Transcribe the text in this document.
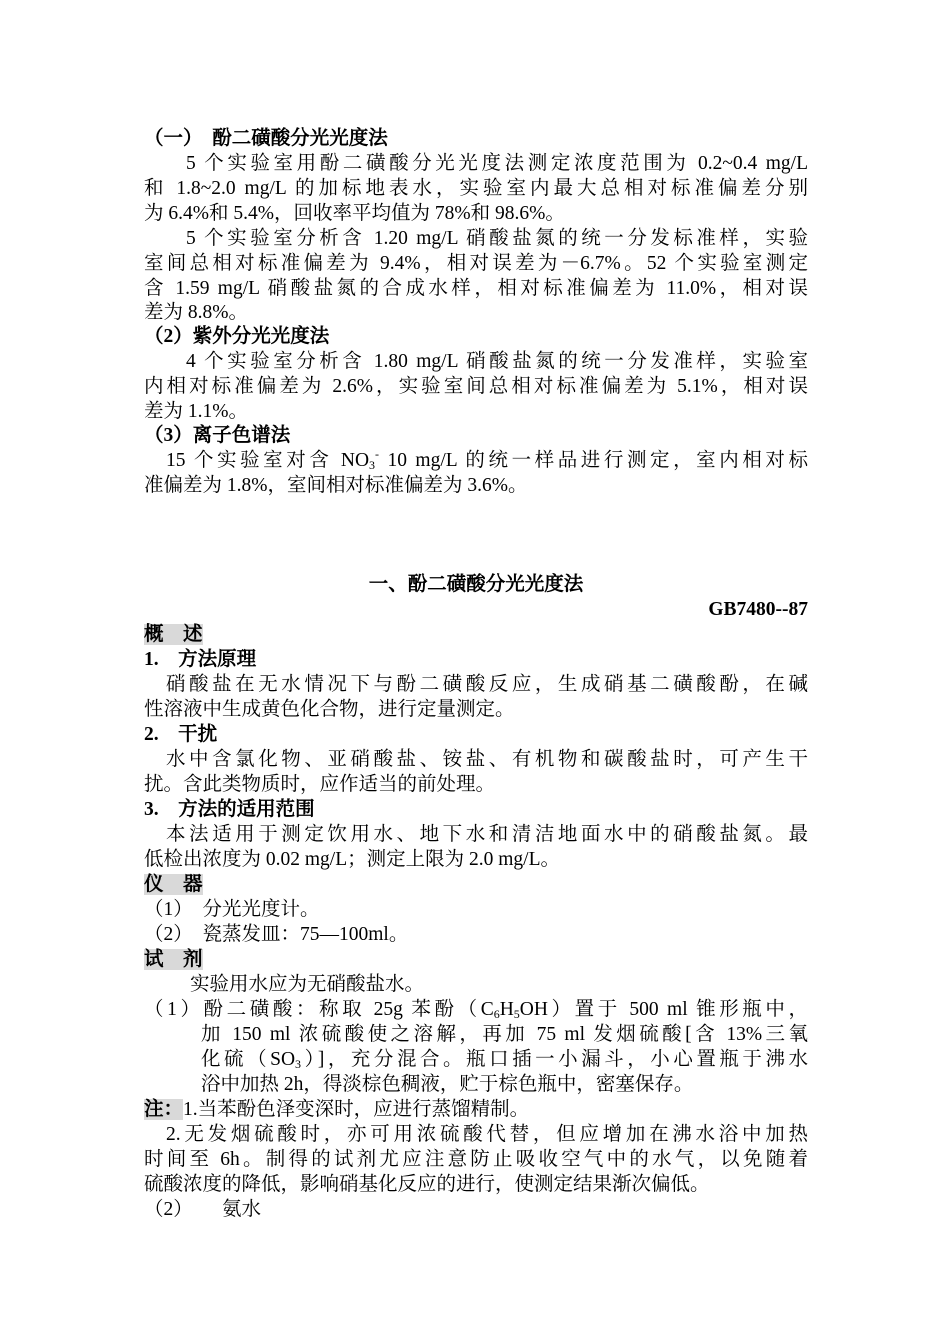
（一）　酚二磺酸分光光度法
5 个实验室用酚二磺酸分光光度法测定浓度范围为 0.2~0.4 mg/L
和 1.8~2.0 mg/L 的加标地表水，实验室内最大总相对标准偏差分别
为 6.4%和 5.4%，回收率平均值为 78%和 98.6%。
5 个实验室分析含 1.20 mg/L 硝酸盐氮的统一分发标准样，实验
室间总相对标准偏差为 9.4%，相对误差为－6.7%。52 个实验室测定
含 1.59 mg/L 硝酸盐氮的合成水样，相对标准偏差为 11.0%，相对误
差为 8.8%。
（2）紫外分光光度法
4 个实验室分析含 1.80 mg/L 硝酸盐氮的统一分发准样，实验室
内相对标准偏差为 2.6%，实验室间总相对标准偏差为 5.1%，相对误
差为 1.1%。
（3）离子色谱法
15 个实验室对含 $NO_3^-$ 10 mg/L 的统一样品进行测定，室内相对标
准偏差为 1.8%，室间相对标准偏差为 3.6%。
一、酚二磺酸分光光度法
GB7480--87
概　述
1.　方法原理
硝酸盐在无水情况下与酚二磺酸反应，生成硝基二磺酸酚，在碱
性溶液中生成黄色化合物，进行定量测定。
2.　干扰
水中含氯化物、亚硝酸盐、铵盐、有机物和碳酸盐时，可产生干
扰。含此类物质时，应作适当的前处理。
3.　方法的适用范围
本法适用于测定饮用水、地下水和清洁地面水中的硝酸盐氮。最
低检出浓度为 0.02 mg/L；测定上限为 2.0 mg/L。
仪　器
（1）　分光光度计。
（2）　瓷蒸发皿：75—100ml。
试　剂
实验用水应为无硝酸盐水。
（1）酚二磺酸：称取 25g 苯酚$(C_6H_5OH)$置于 500 ml 锥形瓶中，
加 150 ml 浓硫酸使之溶解，再加 75 ml 发烟硫酸[含 13%三氧
化硫$(SO_3)$]，充分混合。瓶口插一小漏斗，小心置瓶于沸水
浴中加热 2h，得淡棕色稠液，贮于棕色瓶中，密塞保存。
注：1.当苯酚色泽变深时，应进行蒸馏精制。
2.无发烟硫酸时，亦可用浓硫酸代替，但应增加在沸水浴中加热
时间至 6h。制得的试剂尤应注意防止吸收空气中的水气，以免随着
硫酸浓度的降低，影响硝基化反应的进行，使测定结果渐次偏低。
（2）　　氨水
